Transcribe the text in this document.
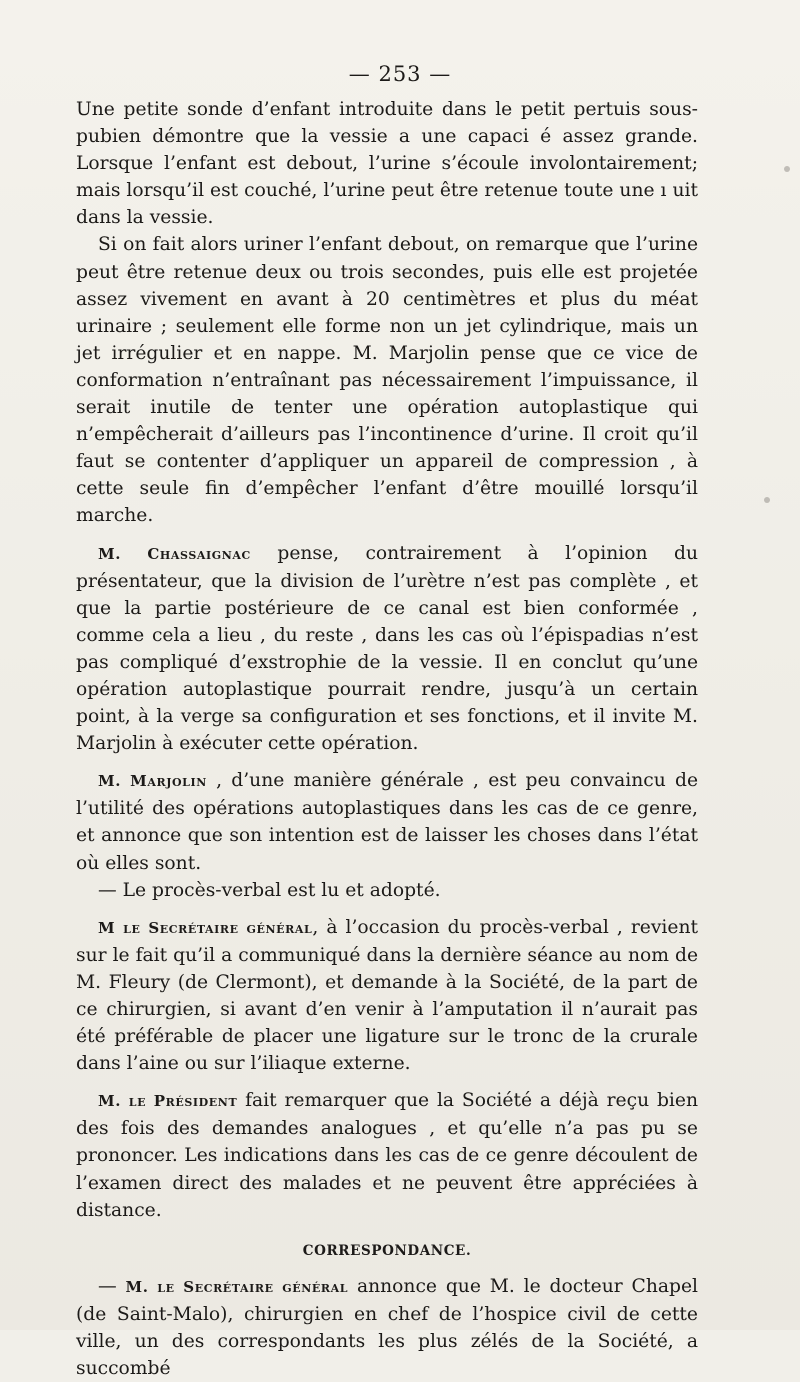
— 253 —

Une petite sonde d’enfant introduite dans le petit pertuis sous-pubien démontre que la vessie a une capaci é assez grande. Lorsque l’enfant est debout, l’urine s’écoule involontairement; mais lorsqu’il est couché, l’urine peut être retenue toute une ı uit dans la vessie.

Si on fait alors uriner l’enfant debout, on remarque que l’urine peut être retenue deux ou trois secondes, puis elle est projetée assez vivement en avant à 20 centimètres et plus du méat urinaire ; seulement elle forme non un jet cylindrique, mais un jet irrégulier et en nappe. M. Marjolin pense que ce vice de conformation n’entraînant pas nécessairement l’impuissance, il serait inutile de tenter une opération autoplastique qui n’empêcherait d’ailleurs pas l’incontinence d’urine. Il croit qu’il faut se contenter d’appliquer un appareil de compression , à cette seule fin d’empêcher l’enfant d’être mouillé lorsqu’il marche.

M. Chassaignac pense, contrairement à l’opinion du présentateur, que la division de l’urètre n’est pas complète , et que la partie postérieure de ce canal est bien conformée , comme cela a lieu , du reste , dans les cas où l’épispadias n’est pas compliqué d’exstrophie de la vessie. Il en conclut qu’une opération autoplastique pourrait rendre, jusqu’à un certain point, à la verge sa configuration et ses fonctions, et il invite M. Marjolin à exécuter cette opération.

M. Marjolin , d’une manière générale , est peu convaincu de l’utilité des opérations autoplastiques dans les cas de ce genre, et annonce que son intention est de laisser les choses dans l’état où elles sont.

— Le procès-verbal est lu et adopté.

M le Secrétaire général, à l’occasion du procès-verbal , revient sur le fait qu’il a communiqué dans la dernière séance au nom de M. Fleury (de Clermont), et demande à la Société, de la part de ce chirurgien, si avant d’en venir à l’amputation il n’aurait pas été préférable de placer une ligature sur le tronc de la crurale dans l’aine ou sur l’iliaque externe.

M. le Président fait remarquer que la Société a déjà reçu bien des fois des demandes analogues , et qu’elle n’a pas pu se prononcer. Les indications dans les cas de ce genre découlent de l’examen direct des malades et ne peuvent être appréciées à distance.

CORRESPONDANCE.

— M. le Secrétaire général annonce que M. le docteur Chapel (de Saint-Malo), chirurgien en chef de l’hospice civil de cette ville, un des correspondants les plus zélés de la Société, a succombé
